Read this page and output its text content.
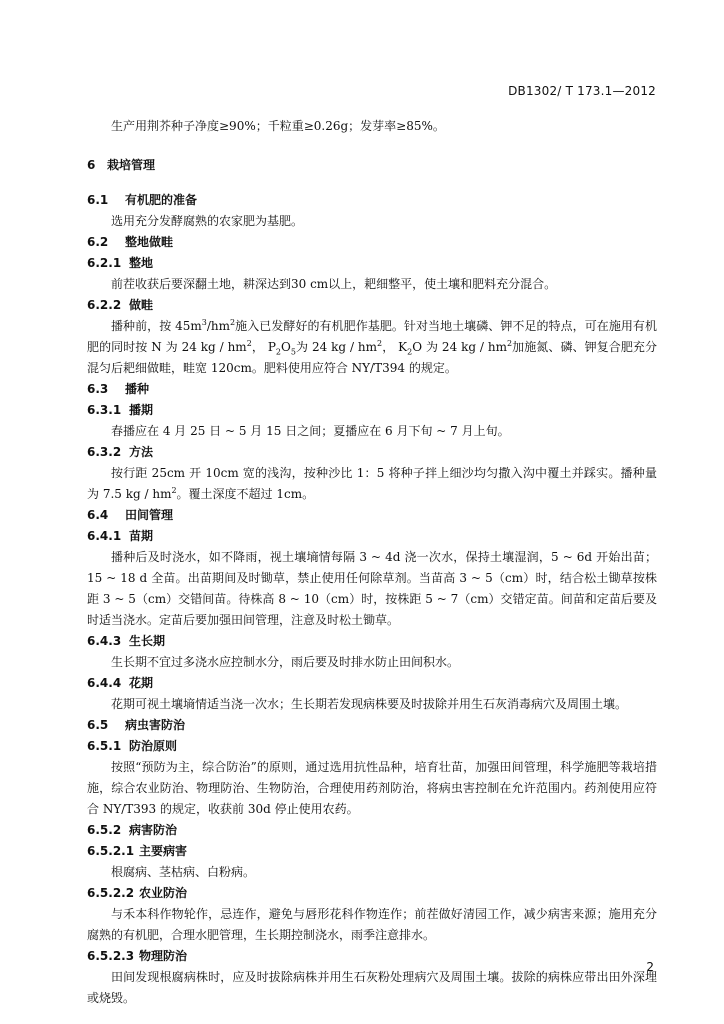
DB1302/ T 173.1—2012

生产用荆芥种子净度≥90%；千粒重≥0.26g；发芽率≥85%。

6 栽培管理

6.1 有机肥的准备

选用充分发酵腐熟的农家肥为基肥。

6.2 整地做畦

6.2.1 整地

前茬收获后要深翻土地，耕深达到30 cm以上，耙细整平，使土壤和肥料充分混合。

6.2.2 做畦

播种前，按 $45m^3/hm^2$施入已发酵好的有机肥作基肥。针对当地土壤磷、钾不足的特点，可在施用有机肥的同时按 N 为 24 kg / $hm^2$， $P_2O_5$为 24 kg / $hm^2$， $K_2O$ 为 24 kg / $hm^2$加施氮、磷、钾复合肥充分混匀后耙细做畦，畦宽 120cm。肥料使用应符合 NY/T394 的规定。

6.3 播种

6.3.1 播期

春播应在 4 月 25 日 ~ 5 月 15 日之间；夏播应在 6 月下旬 ~ 7 月上旬。

6.3.2 方法

按行距 25cm 开 10cm 宽的浅沟，按种沙比 1：5 将种子拌上细沙均匀撒入沟中覆土并踩实。播种量为 7.5 kg / $hm^2$。覆土深度不超过 1cm。

6.4 田间管理

6.4.1 苗期

播种后及时浇水，如不降雨，视土壤墒情每隔 3 ~ 4d 浇一次水，保持土壤湿润，5 ~ 6d 开始出苗；15 ~ 18 d 全苗。出苗期间及时锄草，禁止使用任何除草剂。当苗高 3 ~ 5（cm）时，结合松土锄草按株距 3 ~ 5（cm）交错间苗。待株高 8 ~ 10（cm）时，按株距 5 ~ 7（cm）交错定苗。间苗和定苗后要及时适当浇水。定苗后要加强田间管理，注意及时松土锄草。

6.4.3 生长期

生长期不宜过多浇水应控制水分，雨后要及时排水防止田间积水。

6.4.4 花期

花期可视土壤墒情适当浇一次水；生长期若发现病株要及时拔除并用生石灰消毒病穴及周围土壤。

6.5 病虫害防治

6.5.1 防治原则

按照“预防为主，综合防治”的原则，通过选用抗性品种，培育壮苗，加强田间管理，科学施肥等栽培措施，综合农业防治、物理防治、生物防治，合理使用药剂防治，将病虫害控制在允许范围内。药剂使用应符合 NY/T393 的规定，收获前 30d 停止使用农药。

6.5.2 病害防治

6.5.2.1 主要病害

根腐病、茎枯病、白粉病。

6.5.2.2 农业防治

与禾本科作物轮作，忌连作，避免与唇形花科作物连作；前茬做好清园工作，减少病害来源；施用充分腐熟的有机肥，合理水肥管理，生长期控制浇水，雨季注意排水。

6.5.2.3 物理防治

田间发现根腐病株时，应及时拔除病株并用生石灰粉处理病穴及周围土壤。拔除的病株应带出田外深埋或烧毁。

2
